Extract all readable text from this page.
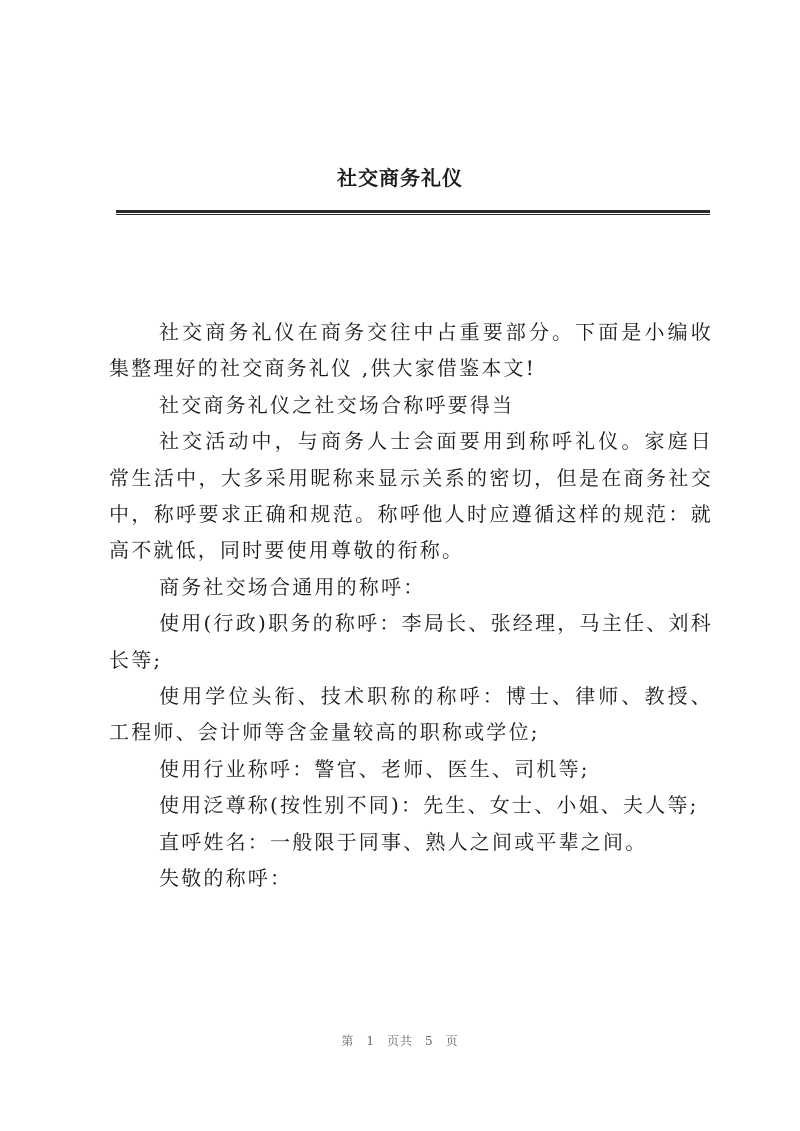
社交商务礼仪

社交商务礼仪在商务交往中占重要部分。下面是小编收集整理好的社交商务礼仪 ,供大家借鉴本文!

社交商务礼仪之社交场合称呼要得当

社交活动中，与商务人士会面要用到称呼礼仪。家庭日常生活中，大多采用昵称来显示关系的密切，但是在商务社交中，称呼要求正确和规范。称呼他人时应遵循这样的规范：就高不就低，同时要使用尊敬的衔称。

商务社交场合通用的称呼：

使用(行政)职务的称呼：李局长、张经理，马主任、刘科长等;

使用学位头衔、技术职称的称呼：博士、律师、教授、工程师、会计师等含金量较高的职称或学位;

使用行业称呼：警官、老师、医生、司机等;

使用泛尊称(按性别不同)：先生、女士、小姐、夫人等;

直呼姓名：一般限于同事、熟人之间或平辈之间。

失敬的称呼：

第 1 页共 5 页
